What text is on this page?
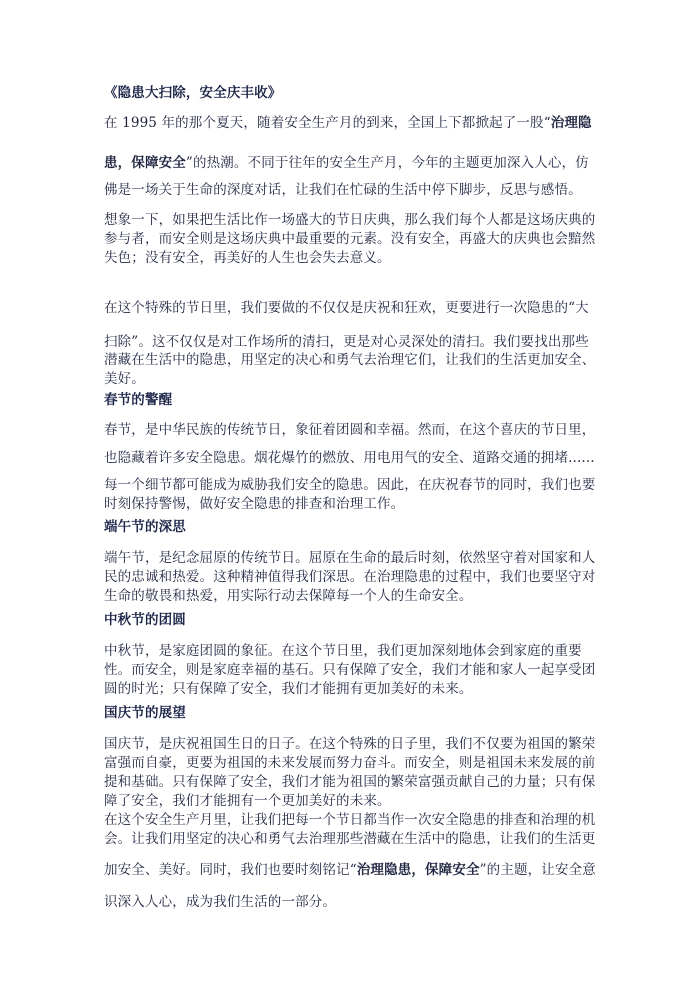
《隐患大扫除，安全庆丰收》
在 1995 年的那个夏天，随着安全生产月的到来，全国上下都掀起了一股“治理隐
患，保障安全”的热潮。不同于往年的安全生产月，今年的主题更加深入人心，仿
佛是一场关于生命的深度对话，让我们在忙碌的生活中停下脚步，反思与感悟。
想象一下，如果把生活比作一场盛大的节日庆典，那么我们每个人都是这场庆典的
参与者，而安全则是这场庆典中最重要的元素。没有安全，再盛大的庆典也会黯然
失色；没有安全，再美好的人生也会失去意义。
在这个特殊的节日里，我们要做的不仅仅是庆祝和狂欢，更要进行一次隐患的“大
扫除”。这不仅仅是对工作场所的清扫，更是对心灵深处的清扫。我们要找出那些
潜藏在生活中的隐患，用坚定的决心和勇气去治理它们，让我们的生活更加安全、
美好。
春节的警醒
春节，是中华民族的传统节日，象征着团圆和幸福。然而，在这个喜庆的节日里，
也隐藏着许多安全隐患。烟花爆竹的燃放、用电用气的安全、道路交通的拥堵......
每一个细节都可能成为威胁我们安全的隐患。因此，在庆祝春节的同时，我们也要
时刻保持警惕，做好安全隐患的排查和治理工作。
端午节的深思
端午节，是纪念屈原的传统节日。屈原在生命的最后时刻，依然坚守着对国家和人
民的忠诚和热爱。这种精神值得我们深思。在治理隐患的过程中，我们也要坚守对
生命的敬畏和热爱，用实际行动去保障每一个人的生命安全。
中秋节的团圆
中秋节，是家庭团圆的象征。在这个节日里，我们更加深刻地体会到家庭的重要
性。而安全，则是家庭幸福的基石。只有保障了安全，我们才能和家人一起享受团
圆的时光；只有保障了安全，我们才能拥有更加美好的未来。
国庆节的展望
国庆节，是庆祝祖国生日的日子。在这个特殊的日子里，我们不仅要为祖国的繁荣
富强而自豪，更要为祖国的未来发展而努力奋斗。而安全，则是祖国未来发展的前
提和基础。只有保障了安全，我们才能为祖国的繁荣富强贡献自己的力量；只有保
障了安全，我们才能拥有一个更加美好的未来。
在这个安全生产月里，让我们把每一个节日都当作一次安全隐患的排查和治理的机
会。让我们用坚定的决心和勇气去治理那些潜藏在生活中的隐患，让我们的生活更
加安全、美好。同时，我们也要时刻铭记“治理隐患，保障安全”的主题，让安全意
识深入人心，成为我们生活的一部分。
